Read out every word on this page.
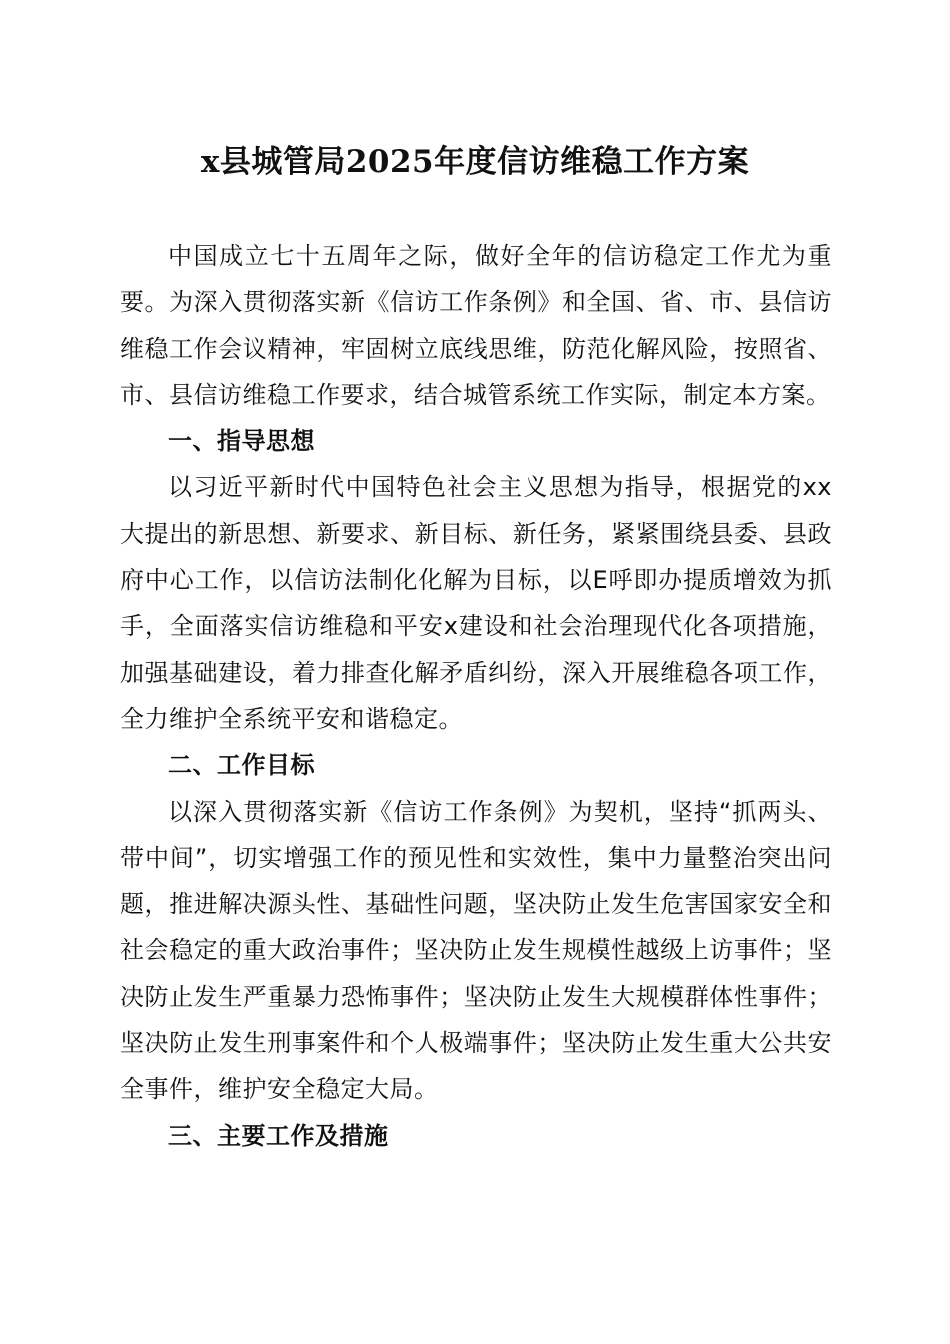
x县城管局2025年度信访维稳工作方案

中国成立七十五周年之际，做好全年的信访稳定工作尤为重要。为深入贯彻落实新《信访工作条例》和全国、省、市、县信访维稳工作会议精神，牢固树立底线思维，防范化解风险，按照省、市、县信访维稳工作要求，结合城管系统工作实际，制定本方案。

一、指导思想

以习近平新时代中国特色社会主义思想为指导，根据党的xx大提出的新思想、新要求、新目标、新任务，紧紧围绕县委、县政府中心工作，以信访法制化化解为目标，以E呼即办提质增效为抓手，全面落实信访维稳和平安x建设和社会治理现代化各项措施，加强基础建设，着力排查化解矛盾纠纷，深入开展维稳各项工作，全力维护全系统平安和谐稳定。

二、工作目标

以深入贯彻落实新《信访工作条例》为契机，坚持“抓两头、带中间”，切实增强工作的预见性和实效性，集中力量整治突出问题，推进解决源头性、基础性问题，坚决防止发生危害国家安全和社会稳定的重大政治事件；坚决防止发生规模性越级上访事件；坚决防止发生严重暴力恐怖事件；坚决防止发生大规模群体性事件；坚决防止发生刑事案件和个人极端事件；坚决防止发生重大公共安全事件，维护安全稳定大局。

三、主要工作及措施
